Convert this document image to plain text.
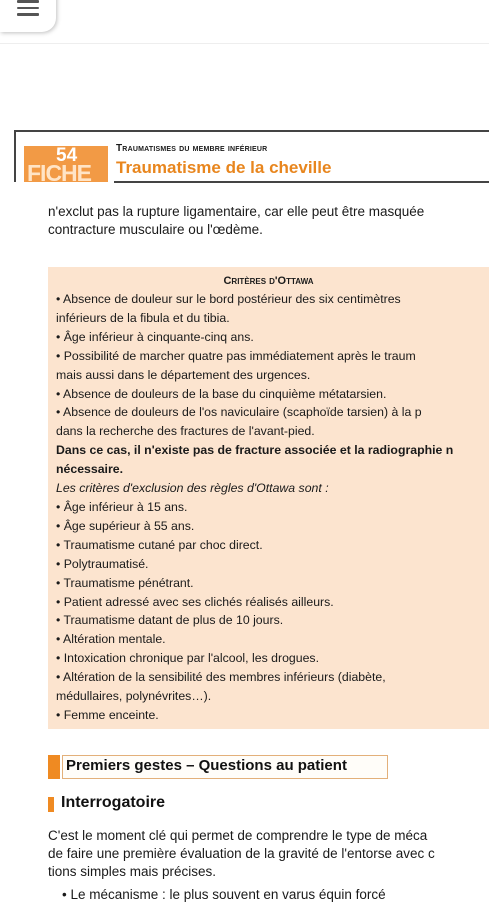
FICHE
54	Traumatismes du membre inférieur
Traumatisme de la cheville
n'exclut pas la rupture ligamentaire, car elle peut être masquée
contracture musculaire ou l'œdème.
Critères d'Ottawa
• Absence de douleur sur le bord postérieur des six centimètres
inférieurs de la fibula et du tibia.
• Âge inférieur à cinquante-cinq ans.
• Possibilité de marcher quatre pas immédiatement après le traum
mais aussi dans le département des urgences.
• Absence de douleurs de la base du cinquième métatarsien.
• Absence de douleurs de l'os naviculaire (scaphoïde tarsien) à la p
dans la recherche des fractures de l'avant-pied.
Dans ce cas, il n'existe pas de fracture associée et la radiographie n
nécessaire.
Les critères d'exclusion des règles d'Ottawa sont :
• Âge inférieur à 15 ans.
• Âge supérieur à 55 ans.
• Traumatisme cutané par choc direct.
• Polytraumatisé.
• Traumatisme pénétrant.
• Patient adressé avec ses clichés réalisés ailleurs.
• Traumatisme datant de plus de 10 jours.
• Altération mentale.
• Intoxication chronique par l'alcool, les drogues.
• Altération de la sensibilité des membres inférieurs (diabète,
médullaires, polynévrites…).
• Femme enceinte.
Premiers gestes – Questions au patient
Interrogatoire
C'est le moment clé qui permet de comprendre le type de méca
de faire une première évaluation de la gravité de l'entorse avec c
tions simples mais précises.
• Le mécanisme : le plus souvent en varus équin forcé
